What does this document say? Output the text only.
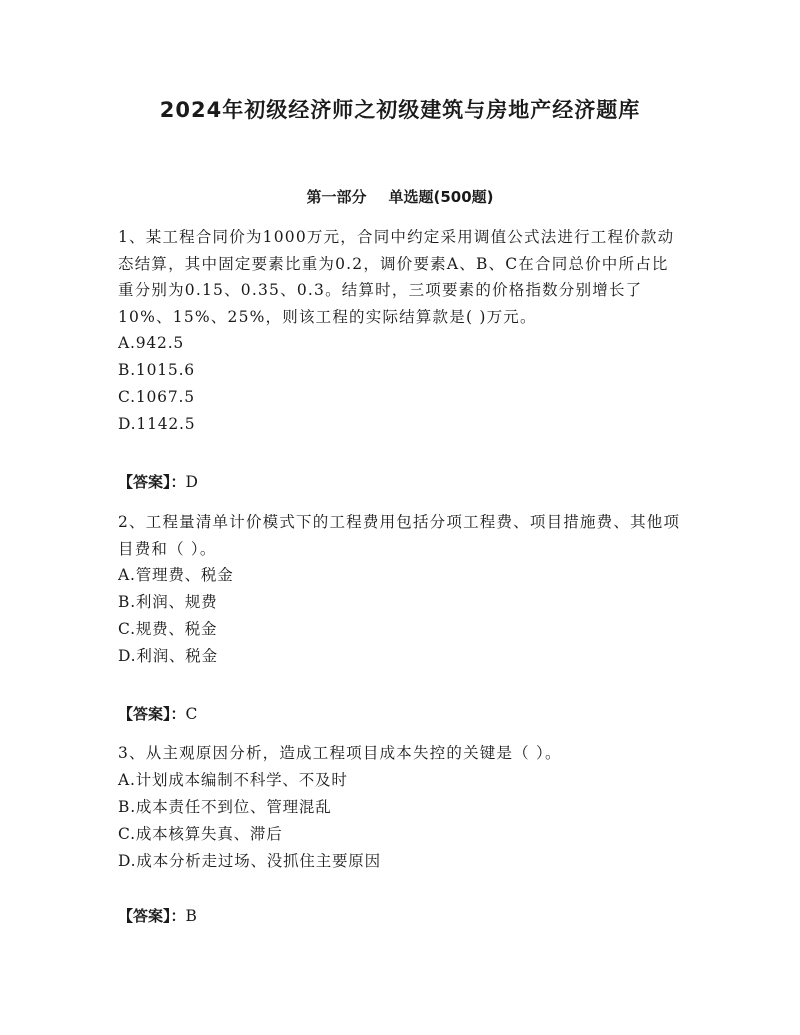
2024年初级经济师之初级建筑与房地产经济题库
第一部分 单选题(500题)
1、某工程合同价为1000万元，合同中约定采用调值公式法进行工程价款动态结算，其中固定要素比重为0.2，调价要素A、B、C在合同总价中所占比重分别为0.15、0.35、0.3。结算时，三项要素的价格指数分别增长了10%、15%、25%，则该工程的实际结算款是( )万元。
A.942.5
B.1015.6
C.1067.5
D.1142.5
【答案】：D
2、工程量清单计价模式下的工程费用包括分项工程费、项目措施费、其他项目费和（ ）。
A.管理费、税金
B.利润、规费
C.规费、税金
D.利润、税金
【答案】：C
3、从主观原因分析，造成工程项目成本失控的关键是（ ）。
A.计划成本编制不科学、不及时
B.成本责任不到位、管理混乱
C.成本核算失真、滞后
D.成本分析走过场、没抓住主要原因
【答案】：B
